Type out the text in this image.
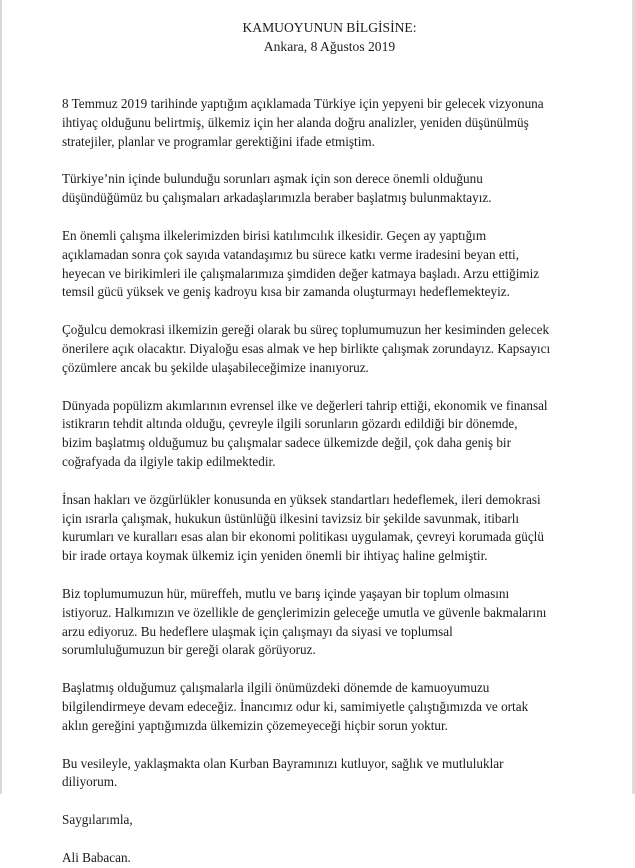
KAMUOYUNUN BİLGİSİNE:
Ankara, 8 Ağustos 2019
8 Temmuz 2019 tarihinde yaptığım açıklamada Türkiye için yepyeni bir gelecek vizyonuna
ihtiyaç olduğunu belirtmiş, ülkemiz için her alanda doğru analizler, yeniden düşünülmüş
stratejiler, planlar ve programlar gerektiğini ifade etmiştim.
Türkiye’nin içinde bulunduğu sorunları aşmak için son derece önemli olduğunu
düşündüğümüz bu çalışmaları arkadaşlarımızla beraber başlatmış bulunmaktayız.
En önemli çalışma ilkelerimizden birisi katılımcılık ilkesidir. Geçen ay yaptığım
açıklamadan sonra çok sayıda vatandaşımız bu sürece katkı verme iradesini beyan etti,
heyecan ve birikimleri ile çalışmalarımıza şimdiden değer katmaya başladı. Arzu ettiğimiz
temsil gücü yüksek ve geniş kadroyu kısa bir zamanda oluşturmayı hedeflemekteyiz.
Çoğulcu demokrasi ilkemizin gereği olarak bu süreç toplumumuzun her kesiminden gelecek
önerilere açık olacaktır. Diyaloğu esas almak ve hep birlikte çalışmak zorundayız. Kapsayıcı
çözümlere ancak bu şekilde ulaşabileceğimize inanıyoruz.
Dünyada popülizm akımlarının evrensel ilke ve değerleri tahrip ettiği, ekonomik ve finansal
istikrarın tehdit altında olduğu, çevreyle ilgili sorunların gözardı edildiği bir dönemde,
bizim başlatmış olduğumuz bu çalışmalar sadece ülkemizde değil, çok daha geniş bir
coğrafyada da ilgiyle takip edilmektedir.
İnsan hakları ve özgürlükler konusunda en yüksek standartları hedeflemek, ileri demokrasi
için ısrarla çalışmak, hukukun üstünlüğü ilkesini tavizsiz bir şekilde savunmak, itibarlı
kurumları ve kuralları esas alan bir ekonomi politikası uygulamak, çevreyi korumada güçlü
bir irade ortaya koymak ülkemiz için yeniden önemli bir ihtiyaç haline gelmiştir.
Biz toplumumuzun hür, müreffeh, mutlu ve barış içinde yaşayan bir toplum olmasını
istiyoruz. Halkımızın ve özellikle de gençlerimizin geleceğe umutla ve güvenle bakmalarını
arzu ediyoruz. Bu hedeflere ulaşmak için çalışmayı da siyasi ve toplumsal
sorumluluğumuzun bir gereği olarak görüyoruz.
Başlatmış olduğumuz çalışmalarla ilgili önümüzdeki dönemde de kamuoyumuzu
bilgilendirmeye devam edeceğiz. İnancımız odur ki, samimiyetle çalıştığımızda ve ortak
aklın gereğini yaptığımızda ülkemizin çözemeyeceği hiçbir sorun yoktur.
Bu vesileyle, yaklaşmakta olan Kurban Bayramınızı kutluyor, sağlık ve mutluluklar
diliyorum.
Saygılarımla,
Ali Babacan.
